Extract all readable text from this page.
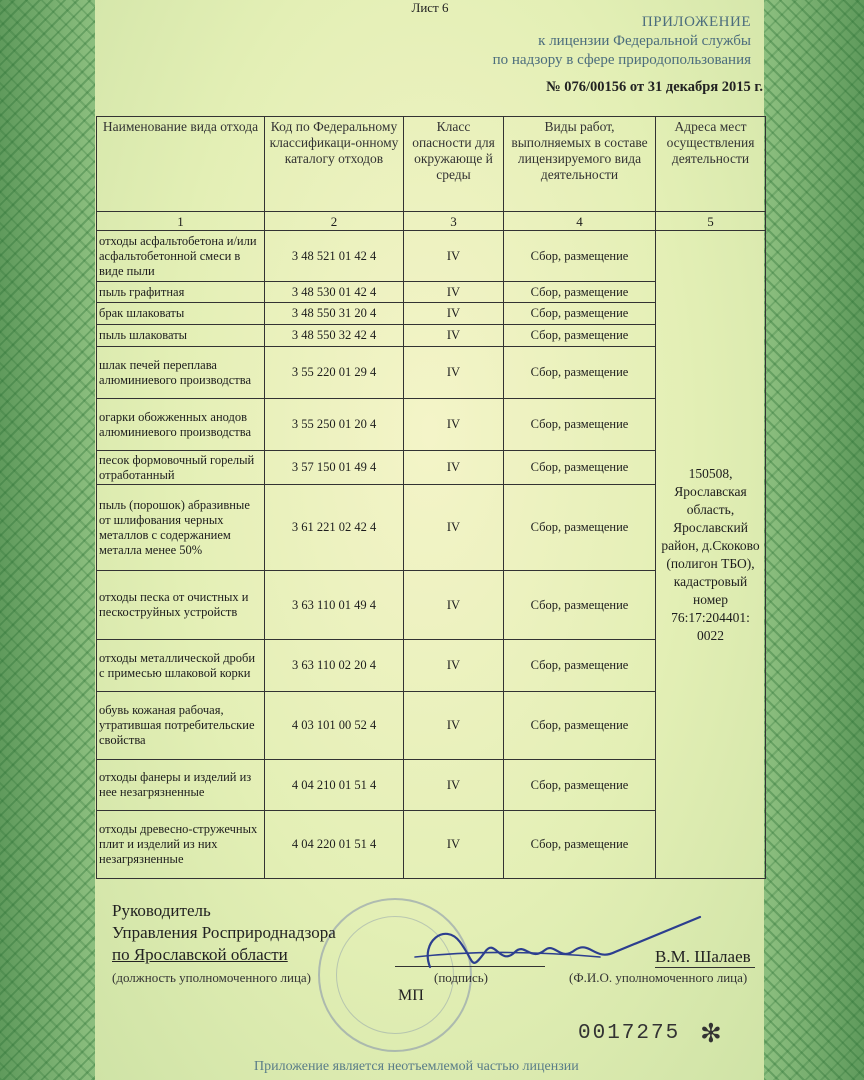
Лист 6
ПРИЛОЖЕНИЕ
к лицензии Федеральной службы
по надзору в сфере природопользования
№ 076/00156 от 31 декабря 2015 г.
Наименование вида отхода	Код по Федеральному классификаци-онному каталогу отходов	Класс опасности для окружающе й среды	Виды работ, выполняемых в составе лицензируемого вида деятельности	Адреса мест осуществления деятельности
1	2	3	4	5
отходы асфальтобетона и/или асфальтобетонной смеси в виде пыли	3 48 521 01 42 4	IV	Сбор, размещение	150508, Ярославская область, Ярославский район, д.Скоково (полигон ТБО), кадастровый номер 76:17:204401: 0022
пыль графитная	3 48 530 01 42 4	IV	Сбор, размещение	
брак шлаковаты	3 48 550 31 20 4	IV	Сбор, размещение	
пыль шлаковаты	3 48 550 32 42 4	IV	Сбор, размещение	
шлак печей переплава алюминиевого производства	3 55 220 01 29 4	IV	Сбор, размещение	
огарки обожженных анодов алюминиевого производства	3 55 250 01 20 4	IV	Сбор, размещение	
песок формовочный горелый отработанный	3 57 150 01 49 4	IV	Сбор, размещение	
пыль (порошок) абразивные от шлифования черных металлов с содержанием металла менее 50%	3 61 221 02 42 4	IV	Сбор, размещение	
отходы песка от очистных и пескоструйных устройств	3 63 110 01 49 4	IV	Сбор, размещение	
отходы металлической дроби с примесью шлаковой корки	3 63 110 02 20 4	IV	Сбор, размещение	
обувь кожаная рабочая, утратившая потребительские свойства	4 03 101 00 52 4	IV	Сбор, размещение	
отходы фанеры и изделий из нее незагрязненные	4 04 210 01 51 4	IV	Сбор, размещение	
отходы древесно-стружечных плит и изделий из них незагрязненные	4 04 220 01 51 4	IV	Сбор, размещение	
Руководитель
Управления Росприроднадзора
по Ярославской области	В.М. Шалаев
(должность уполномоченного лица)	(подпись)	(Ф.И.О. уполномоченного лица)
МП
0017275 ✻
Приложение является неотъемлемой частью лицензии
